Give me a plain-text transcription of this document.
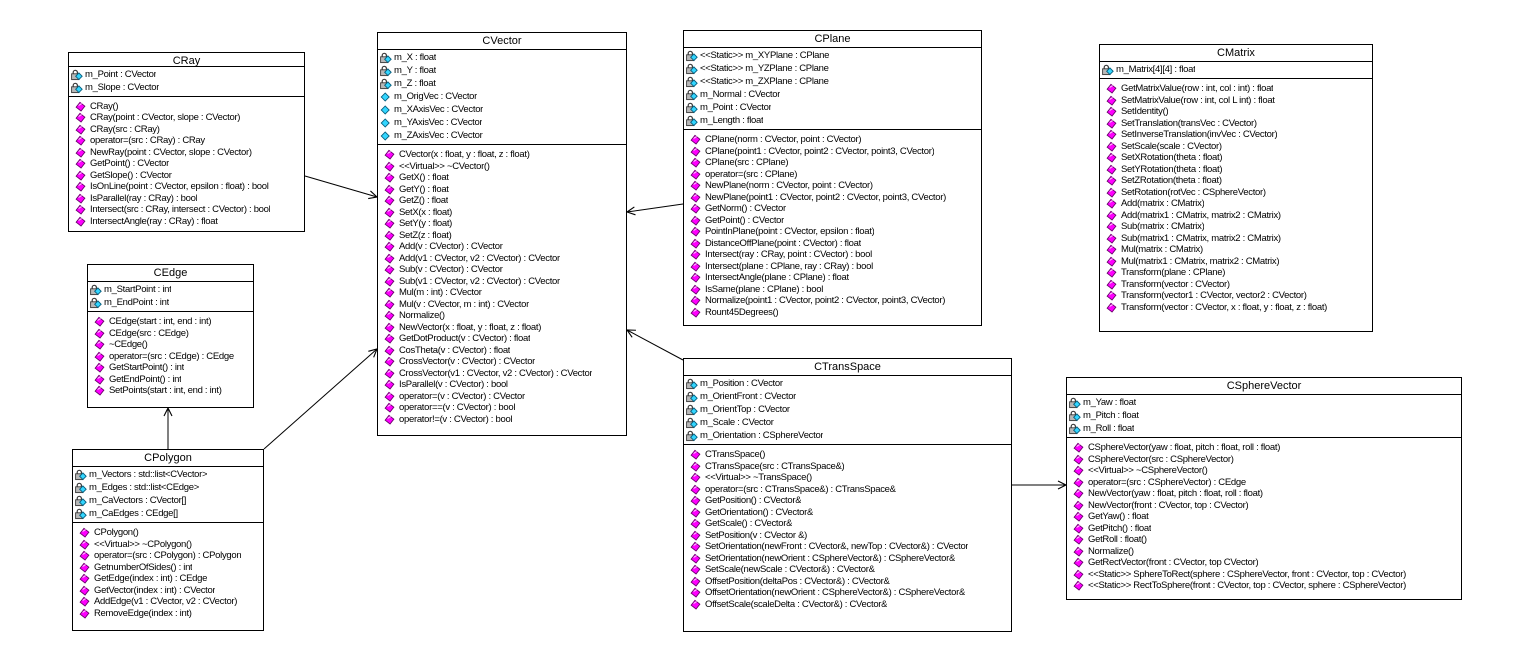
CRay
m_Point : CVector
m_Slope : CVector
CRay()
CRay(point : CVector, slope : CVector)
CRay(src : CRay)
operator=(src : CRay) : CRay
NewRay(point : CVector, slope : CVector)
GetPoint() : CVector
GetSlope() : CVector
IsOnLine(point : CVector, epsilon : float) : bool
IsParallel(ray : CRay) : bool
Intersect(src : CRay, intersect : CVector) : bool
IntersectAngle(ray : CRay) : float
CVector
m_X : float
m_Y : float
m_Z : float
m_OrigVec : CVector
m_XAxisVec : CVector
m_YAxisVec : CVector
m_ZAxisVec : CVector
CVector(x : float, y : float, z : float)
<<Virtual>> ~CVector()
GetX() : float
GetY() : float
GetZ() : float
SetX(x : float)
SetY(y : float)
SetZ(z : float)
Add(v : CVector) : CVector
Add(v1 : CVector, v2 : CVector) : CVector
Sub(v : CVector) : CVector
Sub(v1 : CVector, v2 : CVector) : CVector
Mul(m : int) : CVector
Mul(v : CVector, m : int) : CVector
Normalize()
NewVector(x : float, y : float, z : float)
GetDotProduct(v : CVector) : float
CosTheta(v : CVector) : float
CrossVector(v : CVector) : CVector
CrossVector(v1 : CVector, v2 : CVector) : CVector
IsParallel(v : CVector) : bool
operator=(v : CVector) : CVector
operator==(v : CVector) : bool
operator!=(v : CVector) : bool
CPlane
<<Static>> m_XYPlane : CPlane
<<Static>> m_YZPlane : CPlane
<<Static>> m_ZXPlane : CPlane
m_Normal : CVector
m_Point : CVector
m_Length : float
CPlane(norm : CVector, point : CVector)
CPlane(point1 : CVector, point2 : CVector, point3, CVector)
CPlane(src : CPlane)
operator=(src : CPlane)
NewPlane(norm : CVector, point : CVector)
NewPlane(point1 : CVector, point2 : CVector, point3, CVector)
GetNorm() : CVector
GetPoint() : CVector
PointInPlane(point : CVector, epsilon : float)
DistanceOffPlane(point : CVector) : float
Intersect(ray : CRay, point : CVector) : bool
Intersect(plane : CPlane, ray : CRay) : bool
IntersectAngle(plane : CPlane) : float
IsSame(plane : CPlane) : bool
Normalize(point1 : CVector, point2 : CVector, point3, CVector)
Rount45Degrees()
CMatrix
m_Matrix[4][4] : float
GetMatrixValue(row : int, col : int) : float
SetMatrixValue(row : int, col L int) : float
SetIdentity()
SetTranslation(transVec : CVector)
SetInverseTranslation(invVec : CVector)
SetScale(scale : CVector)
SetXRotation(theta : float)
SetYRotation(theta : float)
SetZRotation(theta : float)
SetRotation(rotVec : CSphereVector)
Add(matrix : CMatrix)
Add(matrix1 : CMatrix, matrix2 : CMatrix)
Sub(matrix : CMatrix)
Sub(matrix1 : CMatrix, matrix2 : CMatrix)
Mul(matrix : CMatrix)
Mul(matrix1 : CMatrix, matrix2 : CMatrix)
Transform(plane : CPlane)
Transform(vector : CVector)
Transform(vector1 : CVector, vector2 : CVector)
Transform(vector : CVector, x : float, y : float, z : float)
CEdge
m_StartPoint : int
m_EndPoint : int
CEdge(start : int, end : int)
CEdge(src : CEdge)
~CEdge()
operator=(src : CEdge) : CEdge
GetStartPoint() : int
GetEndPoint() : int
SetPoints(start : int, end : int)
CPolygon
m_Vectors : std::list<CVector>
m_Edges : std::list<CEdge>
m_CaVectors : CVector[]
m_CaEdges : CEdge[]
CPolygon()
<<Virtual>> ~CPolygon()
operator=(src : CPolygon) : CPolygon
GetnumberOfSides() : int
GetEdge(index : int) : CEdge
GetVector(index : int) : CVector
AddEdge(v1 : CVector, v2 : CVector)
RemoveEdge(index : int)
CTransSpace
m_Position : CVector
m_OrientFront : CVector
m_OrientTop : CVector
m_Scale : CVector
m_Orientation : CSphereVector
CTransSpace()
CTransSpace(src : CTransSpace&)
<<Virtual>> ~TransSpace()
operator=(src : CTransSpace&) : CTransSpace&
GetPosition() : CVector&
GetOrientation() : CVector&
GetScale() : CVector&
SetPosition(v : CVector &)
SetOrientation(newFront : CVector&, newTop : CVector&) : CVector
SetOrientation(newOrient : CSphereVector&) : CSphereVector&
SetScale(newScale : CVector&) : CVector&
OffsetPosition(deltaPos : CVector&) : CVector&
OffsetOrientation(newOrient : CSphereVector&) : CSphereVector&
OffsetScale(scaleDelta : CVector&) : CVector&
CSphereVector
m_Yaw : float
m_Pitch : float
m_Roll : float
CSphereVector(yaw : float, pitch : float, roll : float)
CSphereVector(src : CSphereVector)
<<Virtual>> ~CSphereVector()
operator=(src : CSphereVector) : CEdge
NewVector(yaw : float, pitch : float, roll : float)
NewVector(front : CVector, top : CVector)
GetYaw() : float
GetPitch() : float
GetRoll : float()
Normalize()
GetRectVector(front : CVector, top CVector)
<<Static>> SphereToRect(sphere : CSphereVector, front : CVector, top : CVector)
<<Static>> RectToSphere(front : CVector, top : CVector, sphere : CSphereVector)
